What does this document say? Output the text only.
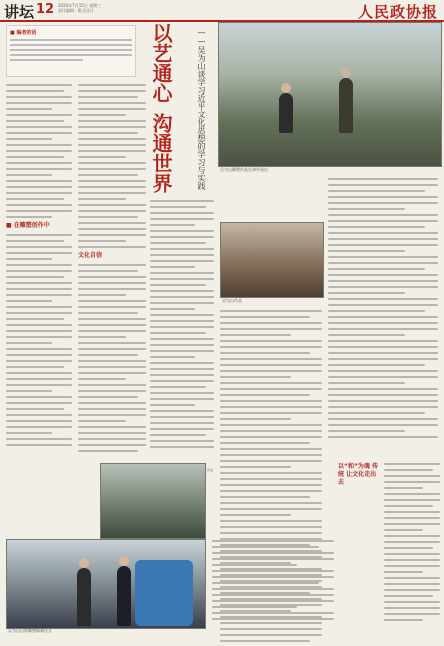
讲坛 12 2020年7月15日 星期三
责任编辑 · 版式设计	人民政协报
■ 编者的话	以艺通心
沟通世界	——吴为山谈学习近平文化思想的学习与实践
■ 在雕塑创作中
文化自信
以“和”为魂 传统 让文化走出去
吴为山雕塑作品在海外展出
吴为山作品
作品
吴为山出席雕塑揭幕仪式
